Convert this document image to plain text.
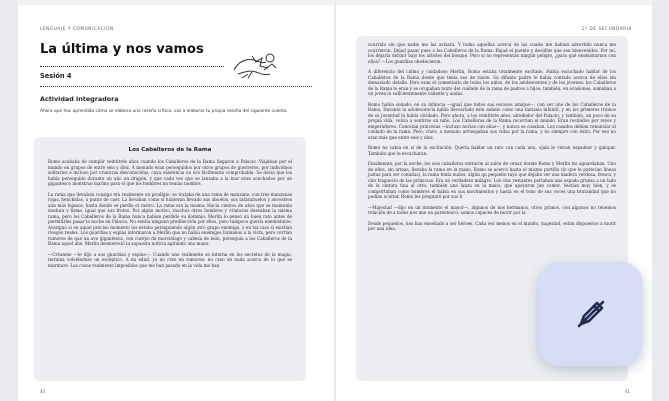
LENGUAJE Y COMUNICACIÓN
La última y nos vamos
Sesión 4
Actividad integradora
Ahora que has aprendido cómo se elabora una reseña crítica, vas a elaborar tu propia reseña del siguiente cuento.
Los Caballeros de la Rama

Romo acababa de cumplir veintitrés años cuando los Caballeros de la Rama llegaron a Palacio. Viajaban por el mundo en grupos de entre seis y diez. A menudo eran perseguidos por otros grupos de guerreros, por individuos solitarios e incluso por criaturas desconocidas, cuya existencia no era fácilmente comprobable. Se decía que los había perseguido durante un año un dragón, y que cada vez que se lanzaba a la mar eran acechados por un gigantesco monstruo marino para el que los hombres no tenían nombre.

La rama que llevaban consigo era realmente un prodigio: se trataba de una rama de manzano, con tres manzanas rojas, henchidas, a punto de caer. La llevaban como si hubieran llevado sus abuelos, sus tatarabuelos y ancestros aún más lejanos, hasta donde se perdía el rastro. La rama era la misma. Hacía cientos de años que se mantenía madura y firme, igual que sus frutos. Por algún motivo, muchos otros hombres y criaturas deseaban la misma rama, pero los Caballeros de la Rama nunca habían perdido su dominio. Merlín lo pensó un buen rato antes de permitirles pasar la noche en Palacio. No sentía ninguna predilección por ellos, pero tampoco quería enemistarse. Averiguó si en aquel preciso momento los estaba persiguiendo algún otro grupo enemigo, y en tal caso si existían riesgos reales. Los guardias y espías informaron a Merlín que no había enemigos humanos a la vista, pero corrían rumores de que un ave gigantesca, con cuerpo de murciélago y cabeza de león, perseguía a los Caballeros de la Rama aquel año. Merlín desmereció la supuesta noticia agitando una mano.

—Créanme —le dijo a sus guardias y espías—. Cuando uno realmente se interna en los secretos de la magia, termina volviéndose un escéptico. A mi edad, ya no creo en rumores: no creo en nada acerca de lo que se murmure. Las cosas realmente imposibles que me han pasado en la vida me han

40
1º DE SECUNDARIA

ocurrido sin que nadie me las avisara. Y todas aquellas acerca de las cuales me habían advertido nunca me ocurrieron. Dejad pasar pues a los Caballeros de la Rama. Bajad el puente y decidles que son bienvenidos. Por mí, los dejaría dormir bajo los árboles del bosque. Pero si no representan ningún peligro, ¿para qué enemistarnos con ellos? —Los guardias obedecieron.

A diferencia del calmo y cuidadoso Merlín, Romo estaba totalmente excitado. Había escuchado hablar de los Caballeros de la Rama desde que tenía uso de razón. Su difunto padre le había contado acerca de ellos sin demasiado detalle. Pero eran el comentario de todos los niños, de los adolescentes y de los jóvenes: los Caballeros de la Rama lo eran y se ocupaban tanto del cuidado de la rama de padres a hijos; también, en ocasiones, sumaban a un joven lo suficientemente valiente y audaz.

Romo había soñado, en su infancia —igual que todos sus escasos amigos—, con ser uno de los Caballeros de la Rama. Durante la adolescencia había descartado este anhelo como una fantasía infantil, y en los primeros tramos de su juventud lo había olvidado. Pero ahora, a los veintitrés años, alrededor del Palacio, y también, un poco de su propia vida, volvía a sentirse un niño. Los Caballeros de la Rama recorrían el mundo. Eran recibidos por reyes y emperadores. Conocían princesas —incluso novias con ellas—, y nunca se casaban. Los casados debían renunciar al cuidado de la rama. Pero, claro, a menudo arriesgaban sus vidas por la rama, y no siempre con éxito. Por eso no eran más que entre seis y diez.

Romo no cabía en sí de la excitación. Quería hablar un rato con cada uno, ojalá le vieran espadear y galopar. También que lo escucharan.

Finalmente, por la noche, los seis caballeros entraron al salón de cenar, donde Romo y Merlín los aguardaban. Uno de ellos, sin armas, llevaba la rama en la mano. Romo se acercó hasta el mismo portillo (lo que le parecían líneas justas para ser comidas), la rama tenía nudos, algún qu pequeño rayo que dejaba ver una madera verdosa, fresca, y olor fragancia de las primicias. Era un verdadero milagro. Los cinc restantes portaban una espada gruesa a un lado de la cintura fina al otro; también una lanza en la mano, que apoyaron jun comer. Vestían muy bien, y se comportaban como hombres el había en sus movimientos y hasta en el tono de sus voces una brutalidad que no podían ocultar. Romo les preguntó por sus h

—Majestad —dijo en un momento el mayor—, algunos de nos hermanos, otros primos, con algunos no tenemos relación de a todos nos une un parentesco: somos capaces de morir por la

Desde pequeños, nos han enseñado a ser héroes. Cada vez menos en el mundo, majestad, están dispuestos a morir por una idea.

41
